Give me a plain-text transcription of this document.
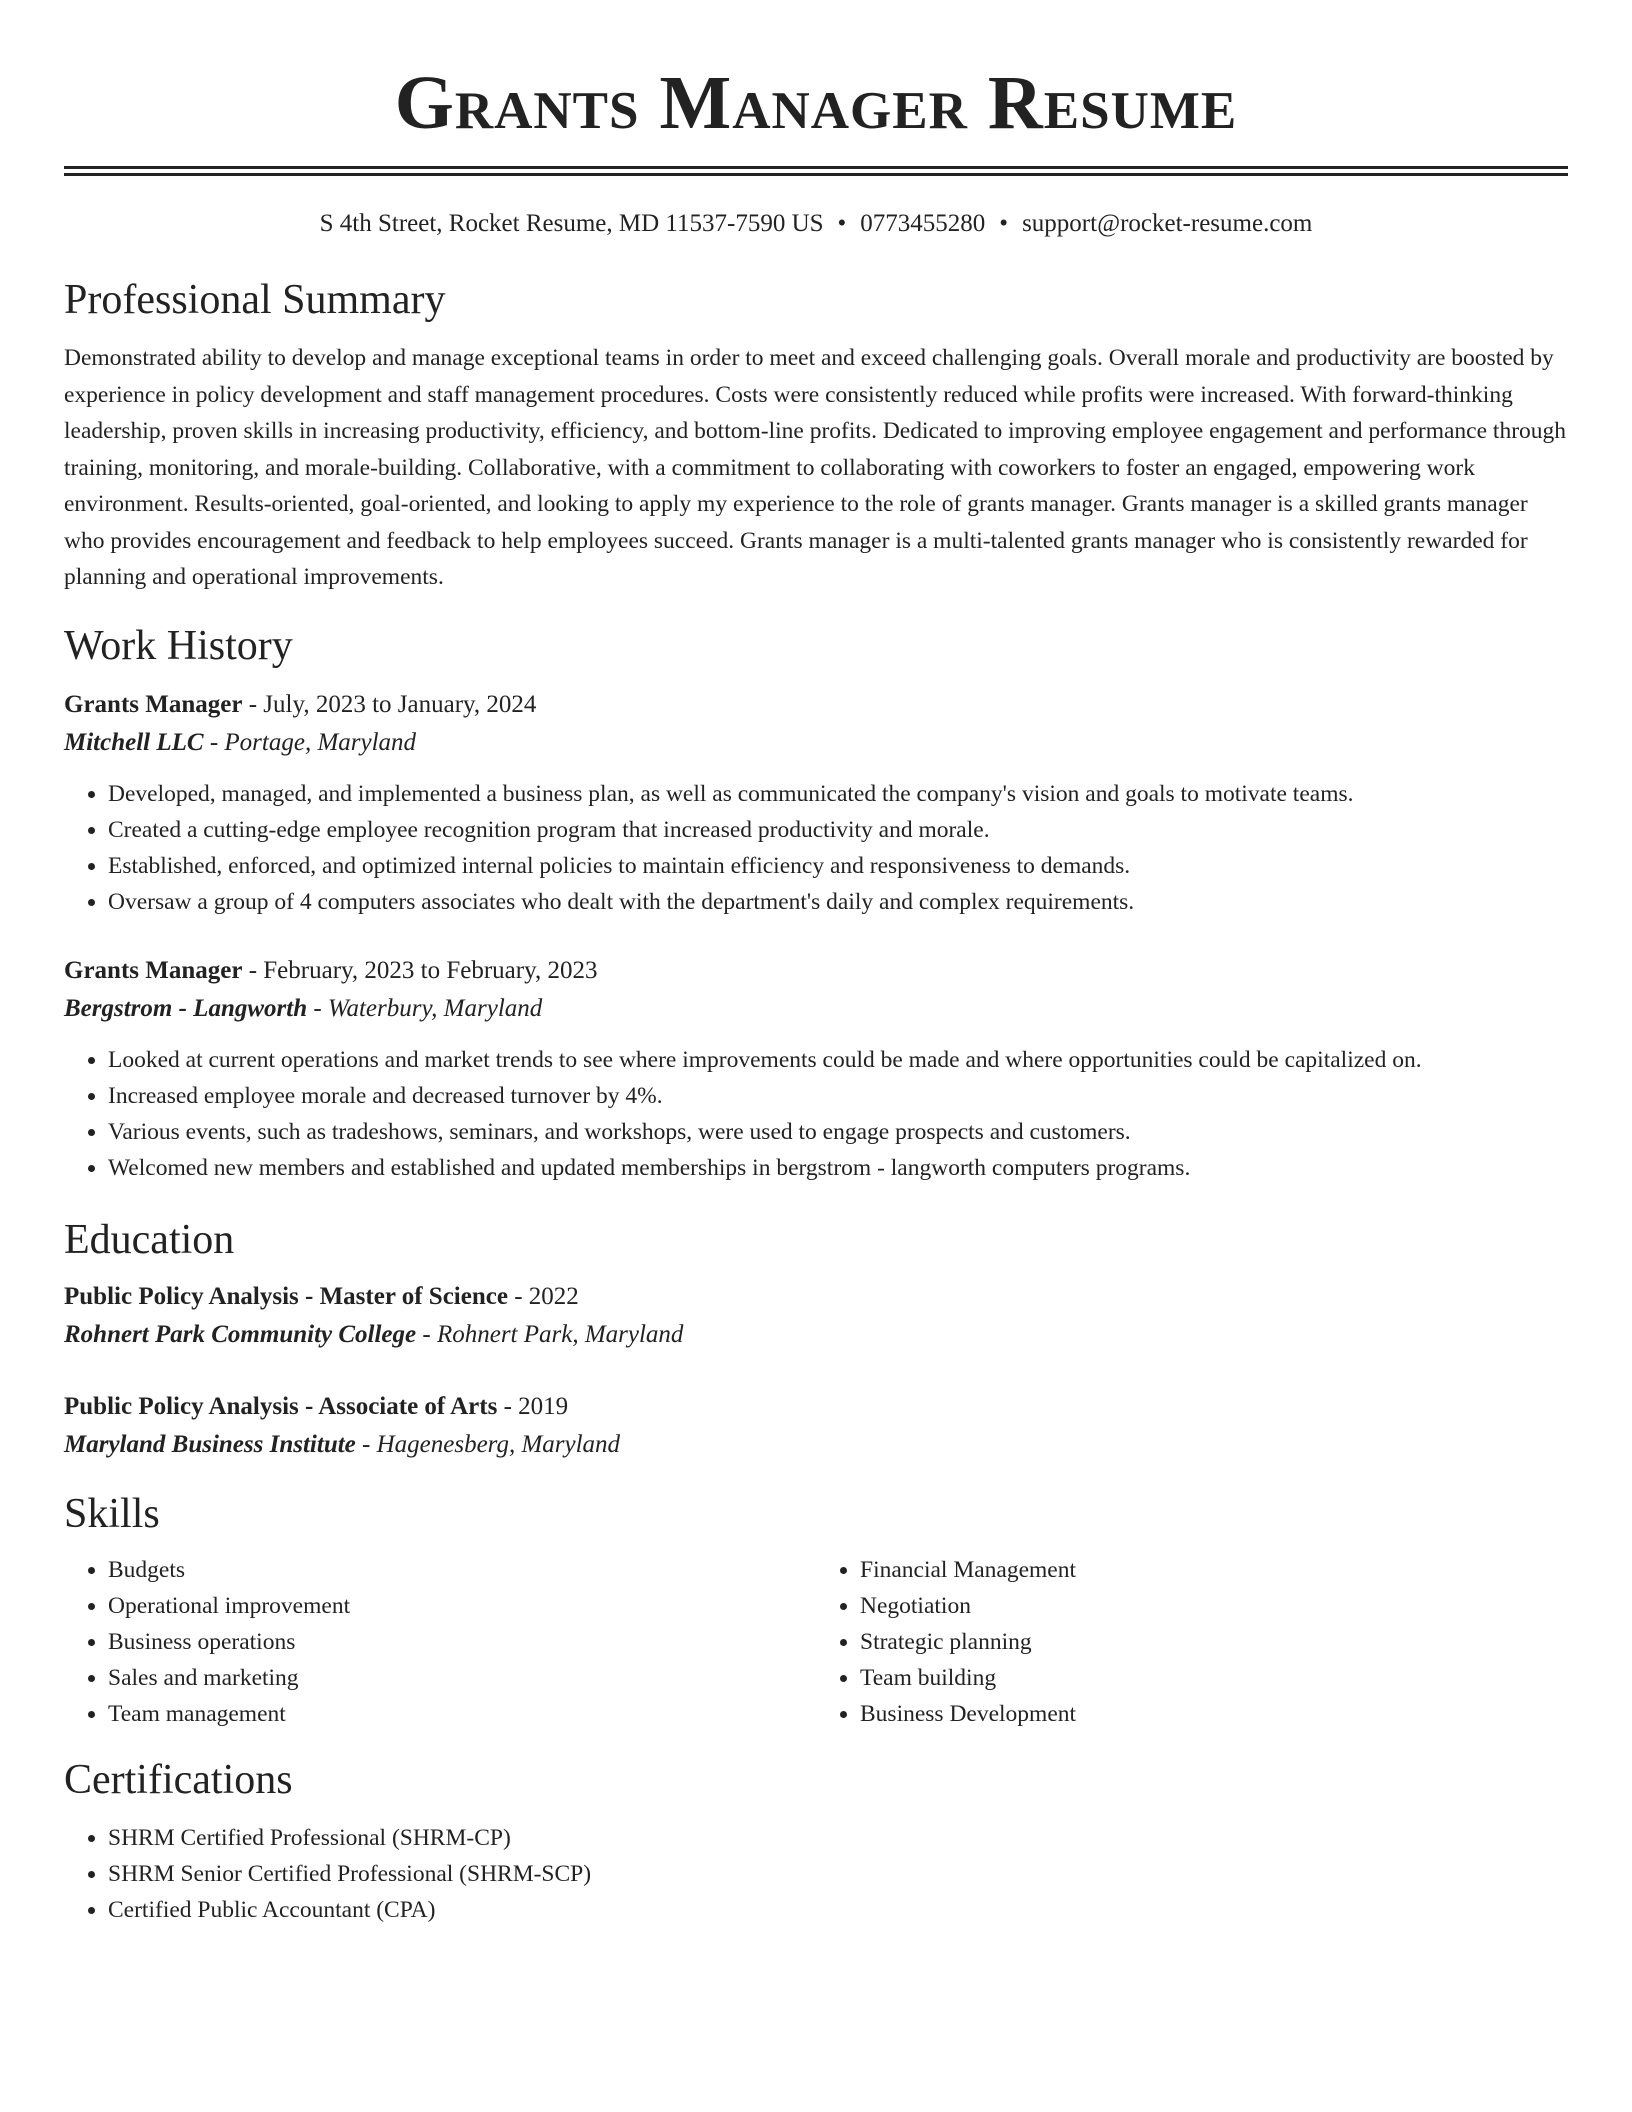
Grants Manager Resume
S 4th Street, Rocket Resume, MD 11537-7590 US • 0773455280 • support@rocket-resume.com
Professional Summary
Demonstrated ability to develop and manage exceptional teams in order to meet and exceed challenging goals. Overall morale and productivity are boosted by experience in policy development and staff management procedures. Costs were consistently reduced while profits were increased. With forward-thinking leadership, proven skills in increasing productivity, efficiency, and bottom-line profits. Dedicated to improving employee engagement and performance through training, monitoring, and morale-building. Collaborative, with a commitment to collaborating with coworkers to foster an engaged, empowering work environment. Results-oriented, goal-oriented, and looking to apply my experience to the role of grants manager. Grants manager is a skilled grants manager who provides encouragement and feedback to help employees succeed. Grants manager is a multi-talented grants manager who is consistently rewarded for planning and operational improvements.
Work History
Grants Manager - July, 2023 to January, 2024
Mitchell LLC - Portage, Maryland
• Developed, managed, and implemented a business plan, as well as communicated the company's vision and goals to motivate teams.
• Created a cutting-edge employee recognition program that increased productivity and morale.
• Established, enforced, and optimized internal policies to maintain efficiency and responsiveness to demands.
• Oversaw a group of 4 computers associates who dealt with the department's daily and complex requirements.
Grants Manager - February, 2023 to February, 2023
Bergstrom - Langworth - Waterbury, Maryland
• Looked at current operations and market trends to see where improvements could be made and where opportunities could be capitalized on.
• Increased employee morale and decreased turnover by 4%.
• Various events, such as tradeshows, seminars, and workshops, were used to engage prospects and customers.
• Welcomed new members and established and updated memberships in bergstrom - langworth computers programs.
Education
Public Policy Analysis - Master of Science - 2022
Rohnert Park Community College - Rohnert Park, Maryland
Public Policy Analysis - Associate of Arts - 2019
Maryland Business Institute - Hagenesberg, Maryland
Skills
• Budgets
• Operational improvement
• Business operations
• Sales and marketing
• Team management
• Financial Management
• Negotiation
• Strategic planning
• Team building
• Business Development
Certifications
• SHRM Certified Professional (SHRM-CP)
• SHRM Senior Certified Professional (SHRM-SCP)
• Certified Public Accountant (CPA)
